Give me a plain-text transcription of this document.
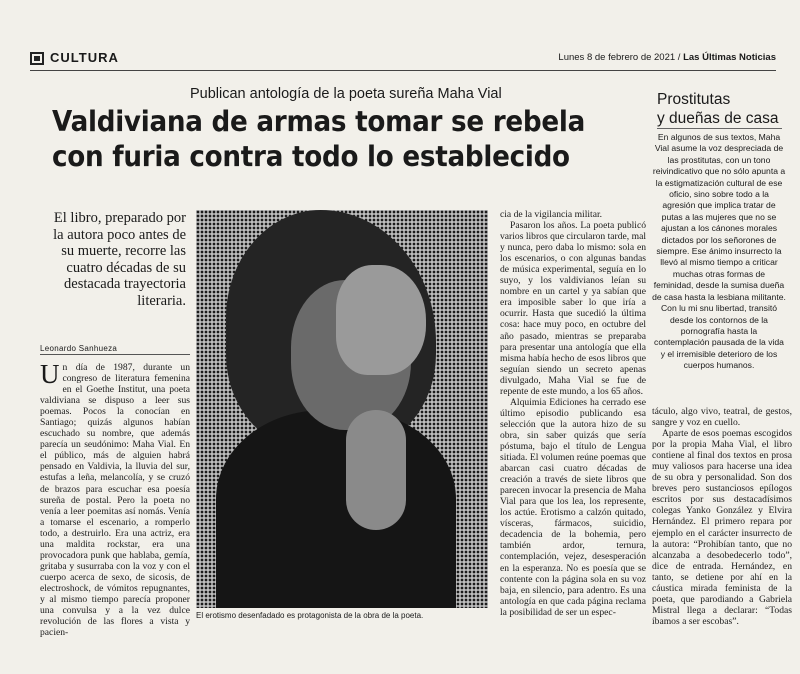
CULTURA	Lunes 8 de febrero de 2021 / Las Últimas Noticias
Publican antología de la poeta sureña Maha Vial
Valdiviana de armas tomar se rebela
con furia contra todo lo establecido
Prostitutas
y dueñas de casa
En algunos de sus textos, Maha Vial asume la voz despreciada de las prostitutas, con un tono reivindicativo que no sólo apunta a la estigmatización cultural de ese oficio, sino sobre todo a la agresión que implica tratar de putas a las mujeres que no se ajustan a los cánones morales dictados por los señorones de siempre. Ese ánimo insurrecto la llevó al mismo tiempo a criticar muchas otras formas de feminidad, desde la sumisa dueña de casa hasta la lesbiana militante. Con lu mi snu libertad, transitó desde los contornos de la pornografía hasta la contemplación pausada de la vida y el irremisible deterioro de los cuerpos humanos.
El libro, preparado por la autora poco antes de su muerte, recorre las cuatro décadas de su destacada trayectoria literaria.
Leonardo Sanhueza
U n día de 1987, durante un congreso de literatura femenina en el Goethe Institut, una poeta valdiviana se dispuso a leer sus poemas. Pocos la conocían en Santiago; quizás algunos habían escuchado su nombre, que además parecía un seudónimo: Maha Vial. En el público, más de alguien habrá pensado en Valdivia, la lluvia del sur, estufas a leña, melancolía, y se cruzó de brazos para escuchar esa poesía sureña de postal. Pero la poeta no venía a leer poemitas así nomás. Venía a tomarse el escenario, a romperlo todo, a destruirlo. Era una actriz, era una maldita rockstar, era una provocadora punk que hablaba, gemía, gritaba y susurraba con la voz y con el cuerpo acerca de sexo, de sicosis, de electroshock, de vómitos repugnantes, y al mismo tiempo parecía proponer una convulsa y a la vez dulce revolución de las flores a vista y pacien-

El erotismo desenfadado es protagonista de la obra de la poeta.

cia de la vigilancia militar.

Pasaron los años. La poeta publicó varios libros que circularon tarde, mal y nunca, pero daba lo mismo: sola en los escenarios, o con algunas bandas de música experimental, seguía en lo suyo, y los valdivianos leían su nombre en un cartel y ya sabían que era imposible saber lo que iría a ocurrir. Hasta que sucedió la última cosa: hace muy poco, en octubre del año pasado, mientras se preparaba para presentar una antología que ella misma había hecho de esos libros que seguían siendo un secreto apenas divulgado, Maha Vial se fue de repente de este mundo, a los 65 años.

Alquimia Ediciones ha cerrado ese último episodio publicando esa selección que la autora hizo de su obra, sin saber quizás que sería póstuma, bajo el título de Lengua sitiada. El volumen reúne poemas que abarcan casi cuatro décadas de creación a través de siete libros que parecen invocar la presencia de Maha Vial para que los lea, los represente, los actúe. Erotismo a calzón quitado, vísceras, fármacos, suicidio, decadencia de la bohemia, pero también ardor, ternura, contemplación, vejez, desesperación en la esperanza. No es poesía que se contente con la página sola en su voz baja, en silencio, para adentro. Es una antología en que cada página reclama la posibilidad de ser un espec-

táculo, algo vivo, teatral, de gestos, sangre y voz en cuello.

Aparte de esos poemas escogidos por la propia Maha Vial, el libro contiene al final dos textos en prosa muy valiosos para hacerse una idea de su obra y personalidad. Son dos breves pero sustanciosos epílogos escritos por sus destacadísimos colegas Yanko González y Elvira Hernández. El primero repara por ejemplo en el carácter insurrecto de la autora: “Prohibían tanto, que no alcanzaba a desobedecerlo todo”, dice de entrada. Hernández, en tanto, se detiene por ahí en la cáustica mirada feminista de la poeta, que parodiando a Gabriela Mistral llega a declarar: “Todas íbamos a ser escobas”.
